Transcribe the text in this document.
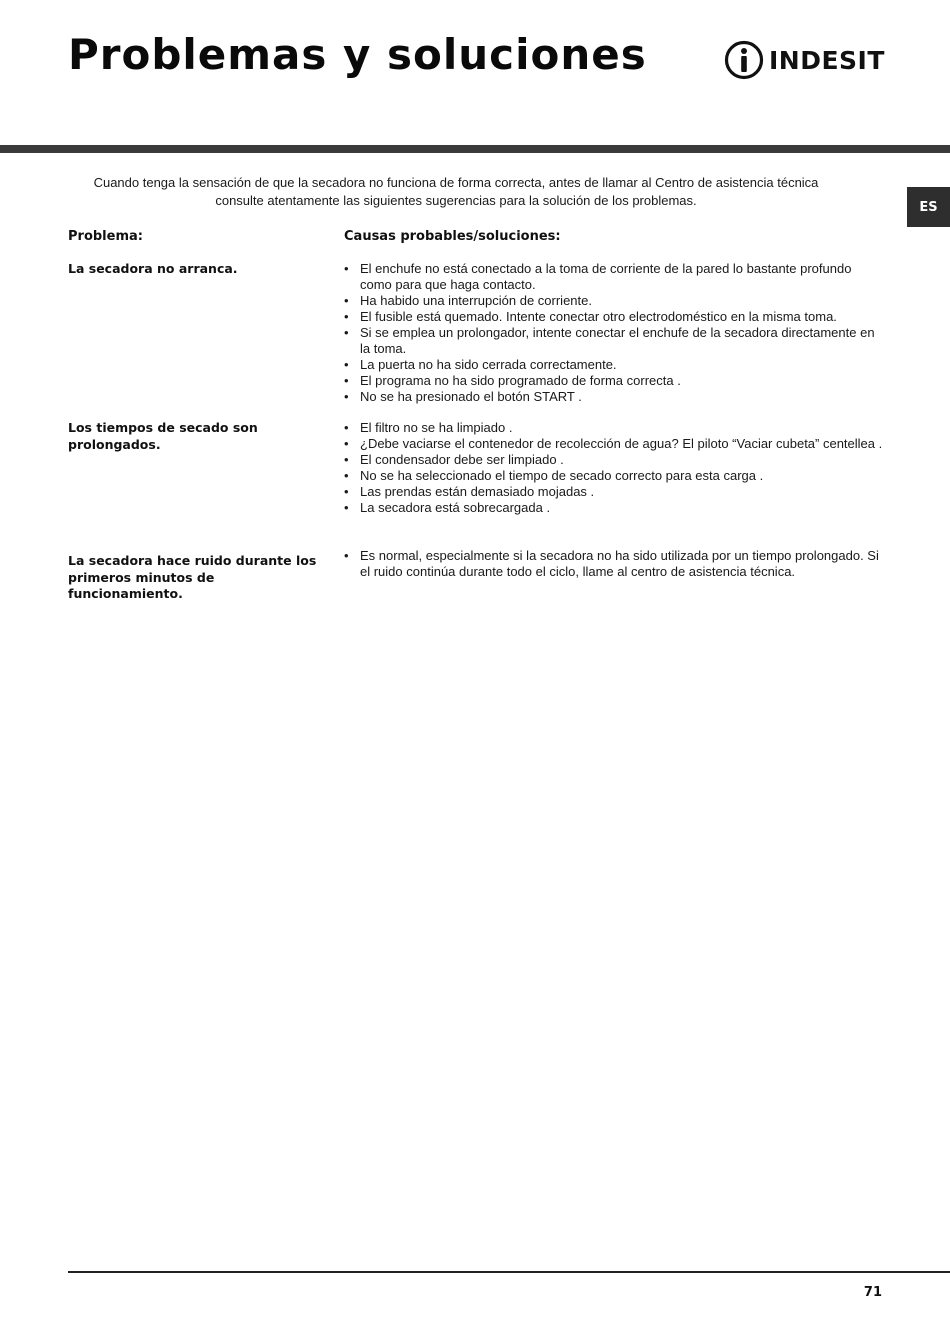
Problemas y soluciones	INDESIT
ES

Cuando tenga la sensación de que la secadora no funciona de forma correcta, antes de llamar al Centro de asistencia técnica consulte atentamente las siguientes sugerencias para la solución de los problemas.

Problema:	Causas probables/soluciones:
La secadora no arranca.
•	El enchufe no está conectado a la toma de corriente de la pared lo bastante profundo como para que haga contacto.
• Ha habido una interrupción de corriente.
• El fusible está quemado. Intente conectar otro electrodoméstico en la misma toma.
• Si se emplea un prolongador, intente conectar el enchufe de la secadora directamente en la toma.
• La puerta no ha sido cerrada correctamente.
• El programa no ha sido programado de forma correcta .
• No se ha presionado el botón START .
Los tiempos de secado son prolongados.
• El filtro no se ha limpiado .
• ¿Debe vaciarse el contenedor de recolección de agua? El piloto “Vaciar cubeta” centellea .
• El condensador debe ser limpiado .
• No se ha seleccionado el tiempo de secado correcto para esta carga .
• Las prendas están demasiado mojadas .
• La secadora está sobrecargada .
La secadora hace ruido durante los primeros minutos de funcionamiento.
• Es normal, especialmente si la secadora no ha sido utilizada por un tiempo prolongado. Si el ruido continúa durante todo el ciclo, llame al centro de asistencia técnica.
71
